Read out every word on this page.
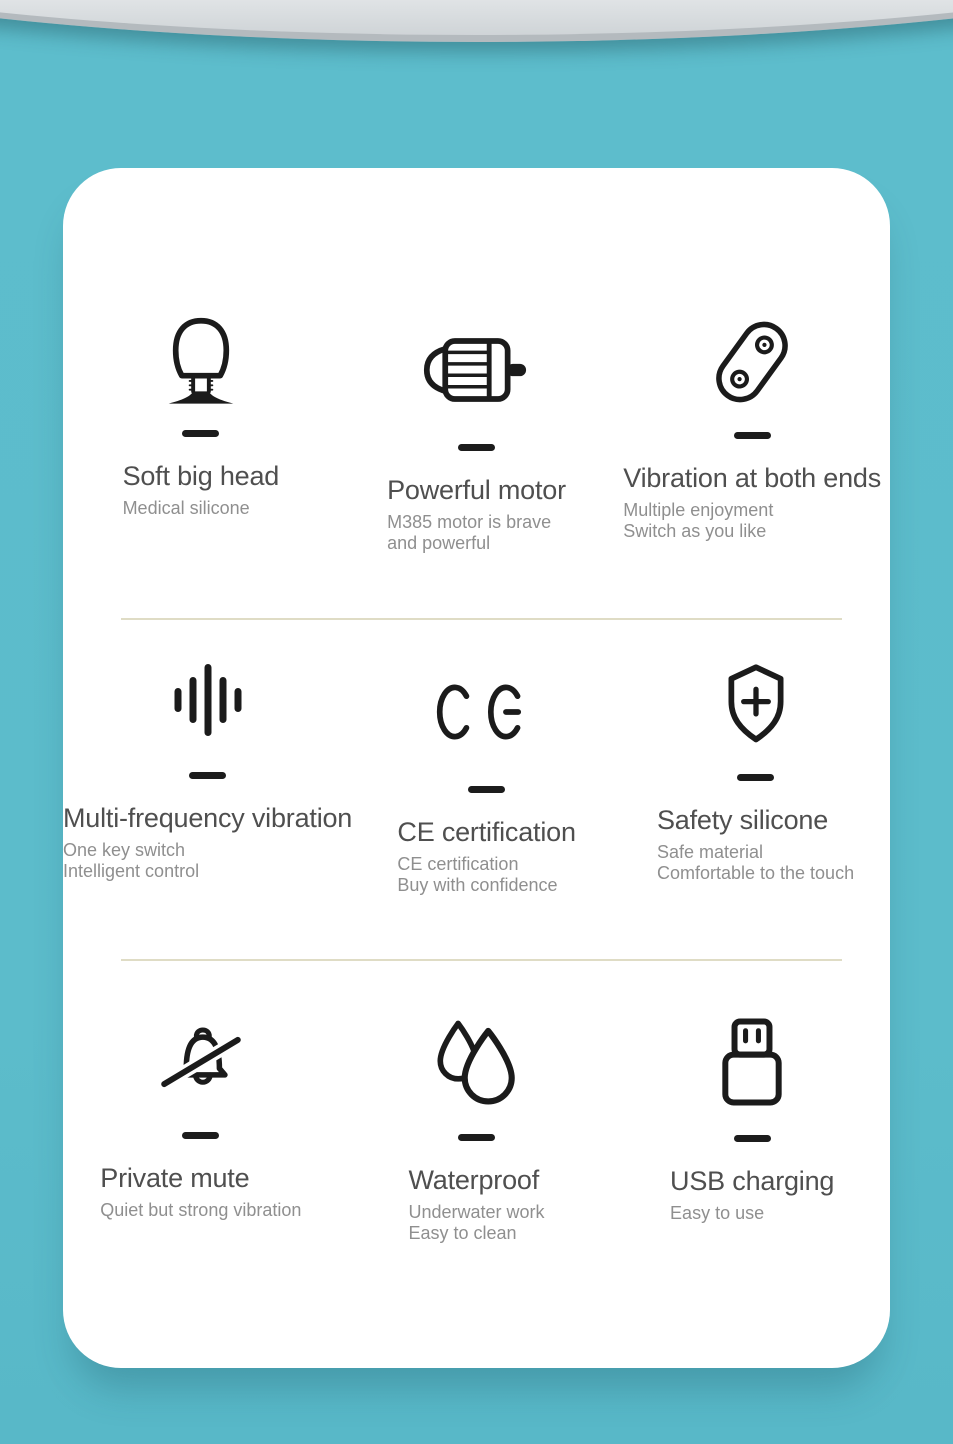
Soft big head
Medical silicone
Powerful motor
M385 motor is brave
and powerful
Vibration at both ends
Multiple enjoyment
Switch as you like
Multi-frequency vibration
One key switch
Intelligent control
CE certification
CE certification
Buy with confidence
Safety silicone
Safe material
Comfortable to the touch
Private mute
Quiet but strong vibration
Waterproof
Underwater work
Easy to clean
USB charging
Easy to use
